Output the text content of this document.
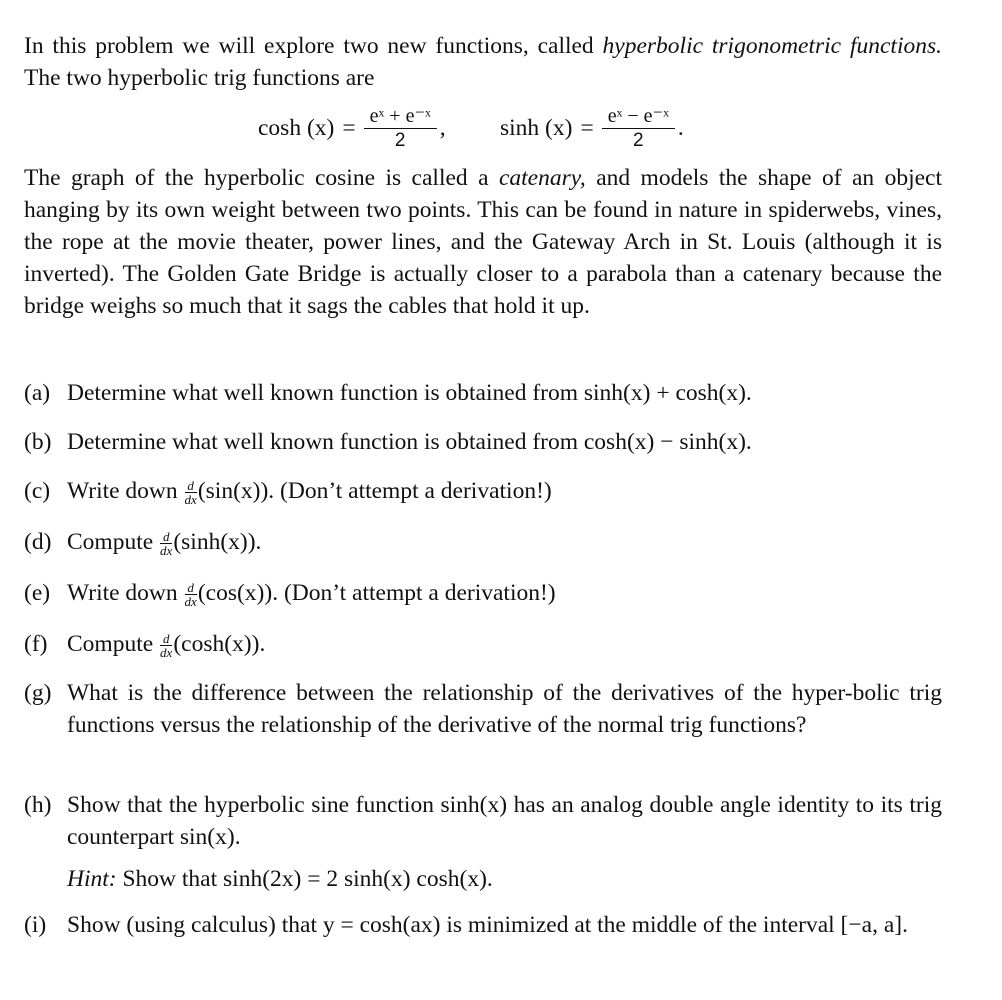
In this problem we will explore two new functions, called hyperbolic trigonometric functions. The two hyperbolic trig functions are

$\cosh (x) = \frac{\text{eˣ + e⁻ˣ}}{2}$ , $\sinh (x) = \frac{\text{eˣ − e⁻ˣ}}{2}$ .

The graph of the hyperbolic cosine is called a catenary, and models the shape of an object hanging by its own weight between two points. This can be found in nature in spiderwebs, vines, the rope at the movie theater, power lines, and the Gateway Arch in St. Louis (although it is inverted). The Golden Gate Bridge is actually closer to a parabola than a catenary because the bridge weighs so much that it sags the cables that hold it up.

(a) Determine what well known function is obtained from sinh(x) + cosh(x).
(b) Determine what well known function is obtained from cosh(x) − sinh(x).
(c) Write down $\frac{d}{dx} (\sin(x))$. (Don’t attempt a derivation!)
(d) Compute $\frac{d}{dx} (\sinh(x))$.
(e) Write down $\frac{d}{dx} (\cos(x))$. (Don’t attempt a derivation!)
(f) Compute $\frac{d}{dx} (\cosh(x))$.
(g) What is the difference between the relationship of the derivatives of the hyper-bolic trig functions versus the relationship of the derivative of the normal trig functions?
(h) Show that the hyperbolic sine function sinh(x) has an analog double angle identity to its trig counterpart sin(x).
Hint: Show that sinh(2x) = 2 sinh(x) cosh(x).
(i) Show (using calculus) that y = cosh(ax) is minimized at the middle of the interval [−a, a].
